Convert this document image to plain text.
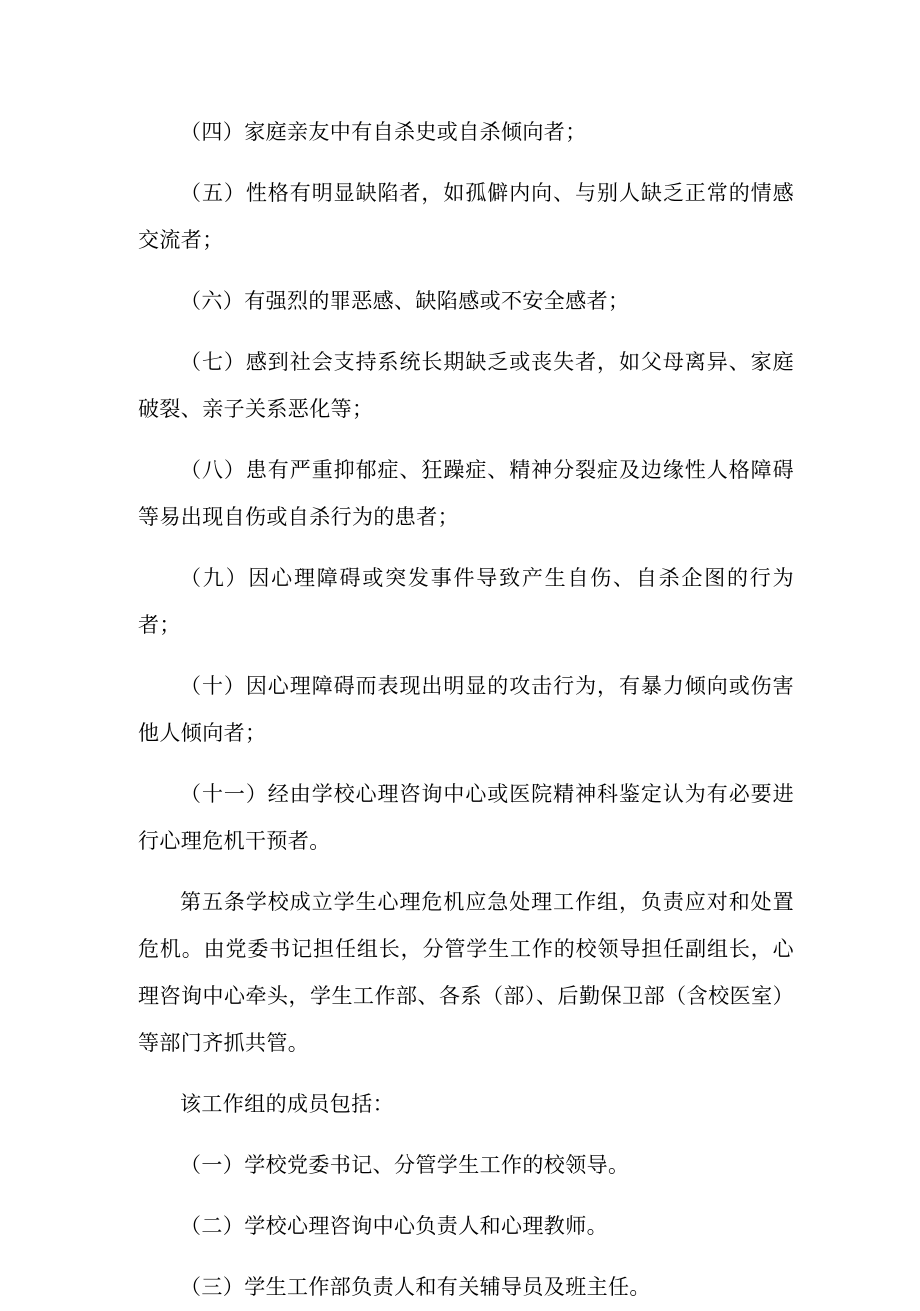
（四）家庭亲友中有自杀史或自杀倾向者；

（五）性格有明显缺陷者，如孤僻内向、与别人缺乏正常的情感交流者；

（六）有强烈的罪恶感、缺陷感或不安全感者；

（七）感到社会支持系统长期缺乏或丧失者，如父母离异、家庭破裂、亲子关系恶化等；

（八）患有严重抑郁症、狂躁症、精神分裂症及边缘性人格障碍等易出现自伤或自杀行为的患者；

（九）因心理障碍或突发事件导致产生自伤、自杀企图的行为者；

（十）因心理障碍而表现出明显的攻击行为，有暴力倾向或伤害他人倾向者；

（十一）经由学校心理咨询中心或医院精神科鉴定认为有必要进行心理危机干预者。

第五条学校成立学生心理危机应急处理工作组，负责应对和处置危机。由党委书记担任组长，分管学生工作的校领导担任副组长，心理咨询中心牵头，学生工作部、各系（部）、后勤保卫部（含校医室）等部门齐抓共管。

该工作组的成员包括：

（一）学校党委书记、分管学生工作的校领导。

（二）学校心理咨询中心负责人和心理教师。

（三）学生工作部负责人和有关辅导员及班主任。
